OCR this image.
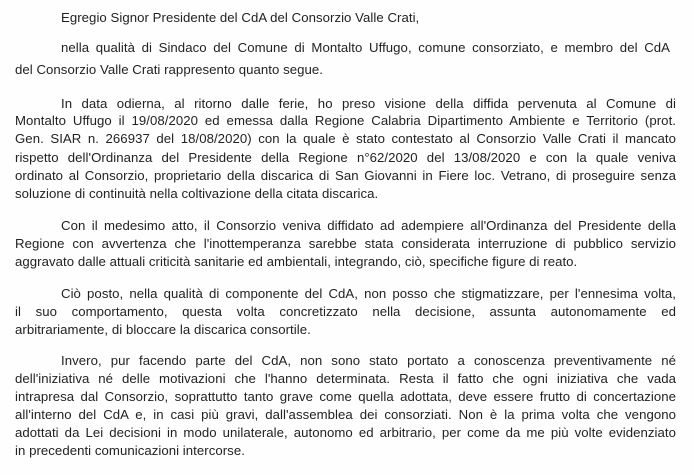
Egregio Signor Presidente del CdA del Consorzio Valle Crati,
nella qualità di Sindaco del Comune di Montalto Uffugo, comune consorziato, e membro del CdA
del Consorzio Valle Crati rappresento quanto segue.
In data odierna, al ritorno dalle ferie, ho preso visione della diffida pervenuta al Comune di
Montalto Uffugo il 19/08/2020 ed emessa dalla Regione Calabria Dipartimento Ambiente e Territorio (prot.
Gen. SIAR n. 266937 del 18/08/2020) con la quale è stato contestato al Consorzio Valle Crati il mancato
rispetto dell'Ordinanza del Presidente della Regione n°62/2020 del 13/08/2020 e con la quale veniva
ordinato al Consorzio, proprietario della discarica di San Giovanni in Fiere loc. Vetrano, di proseguire senza
soluzione di continuità nella coltivazione della citata discarica.
Con il medesimo atto, il Consorzio veniva diffidato ad adempiere all'Ordinanza del Presidente della
Regione con avvertenza che l'inottemperanza sarebbe stata considerata interruzione di pubblico servizio
aggravato dalle attuali criticità sanitarie ed ambientali, integrando, ciò, specifiche figure di reato.
Ciò posto, nella qualità di componente del CdA, non posso che stigmatizzare, per l'ennesima volta,
il suo comportamento, questa volta concretizzato nella decisione, assunta autonomamente ed
arbitrariamente, di bloccare la discarica consortile.
Invero, pur facendo parte del CdA, non sono stato portato a conoscenza preventivamente né
dell'iniziativa né delle motivazioni che l'hanno determinata. Resta il fatto che ogni iniziativa che vada
intrapresa dal Consorzio, soprattutto tanto grave come quella adottata, deve essere frutto di concertazione
all'interno del CdA e, in casi più gravi, dall'assemblea dei consorziati. Non è la prima volta che vengono
adottati da Lei decisioni in modo unilaterale, autonomo ed arbitrario, per come da me più volte evidenziato
in precedenti comunicazioni intercorse.
